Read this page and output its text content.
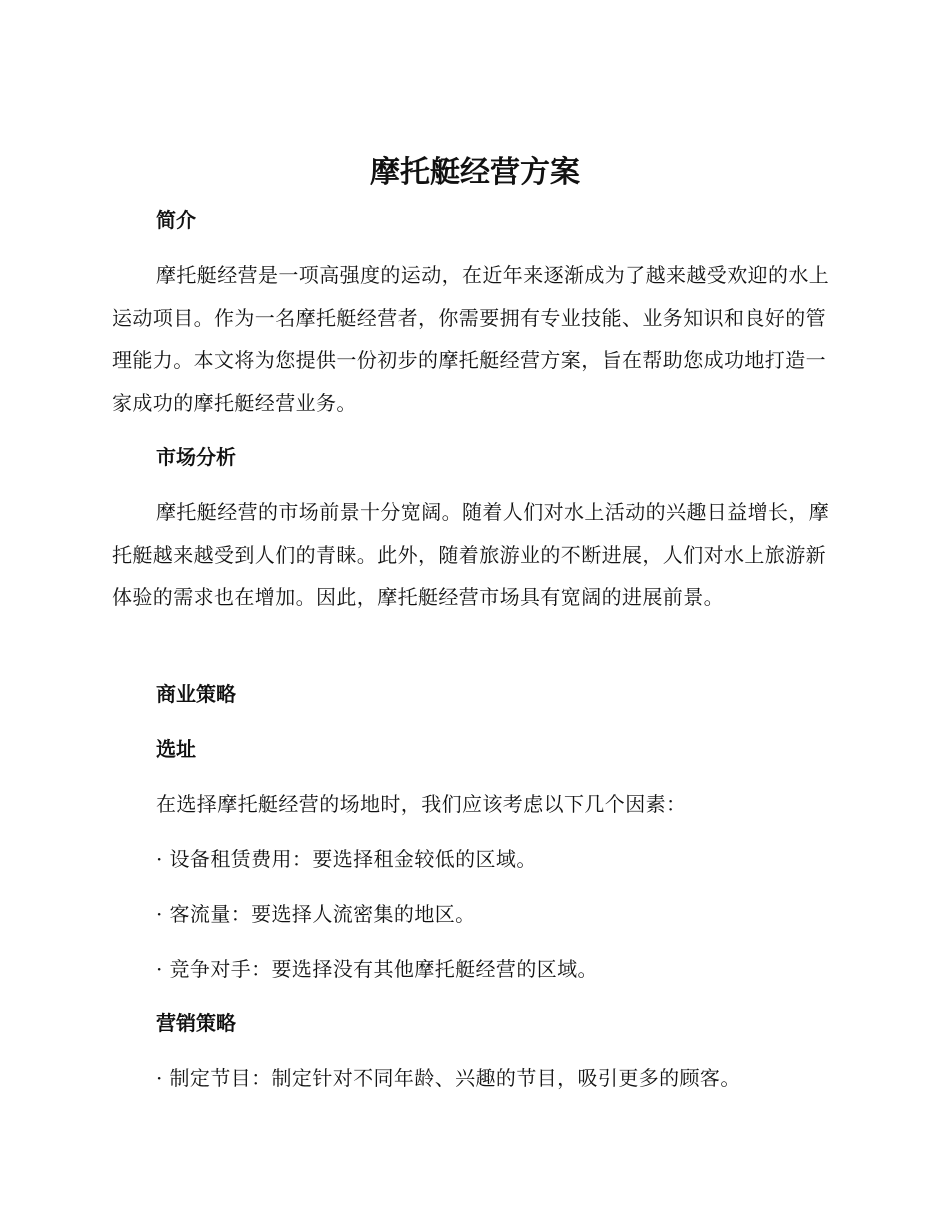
摩托艇经营方案
简介

摩托艇经营是一项高强度的运动，在近年来逐渐成为了越来越受欢迎的水上运动项目。作为一名摩托艇经营者，你需要拥有专业技能、业务知识和良好的管理能力。本文将为您提供一份初步的摩托艇经营方案，旨在帮助您成功地打造一家成功的摩托艇经营业务。

市场分析

摩托艇经营的市场前景十分宽阔。随着人们对水上活动的兴趣日益增长，摩托艇越来越受到人们的青睐。此外，随着旅游业的不断进展，人们对水上旅游新体验的需求也在增加。因此，摩托艇经营市场具有宽阔的进展前景。

商业策略
选址

在选择摩托艇经营的场地时，我们应该考虑以下几个因素：

· 设备租赁费用：要选择租金较低的区域。

· 客流量：要选择人流密集的地区。

· 竞争对手：要选择没有其他摩托艇经营的区域。

营销策略

· 制定节目：制定针对不同年龄、兴趣的节目，吸引更多的顾客。
